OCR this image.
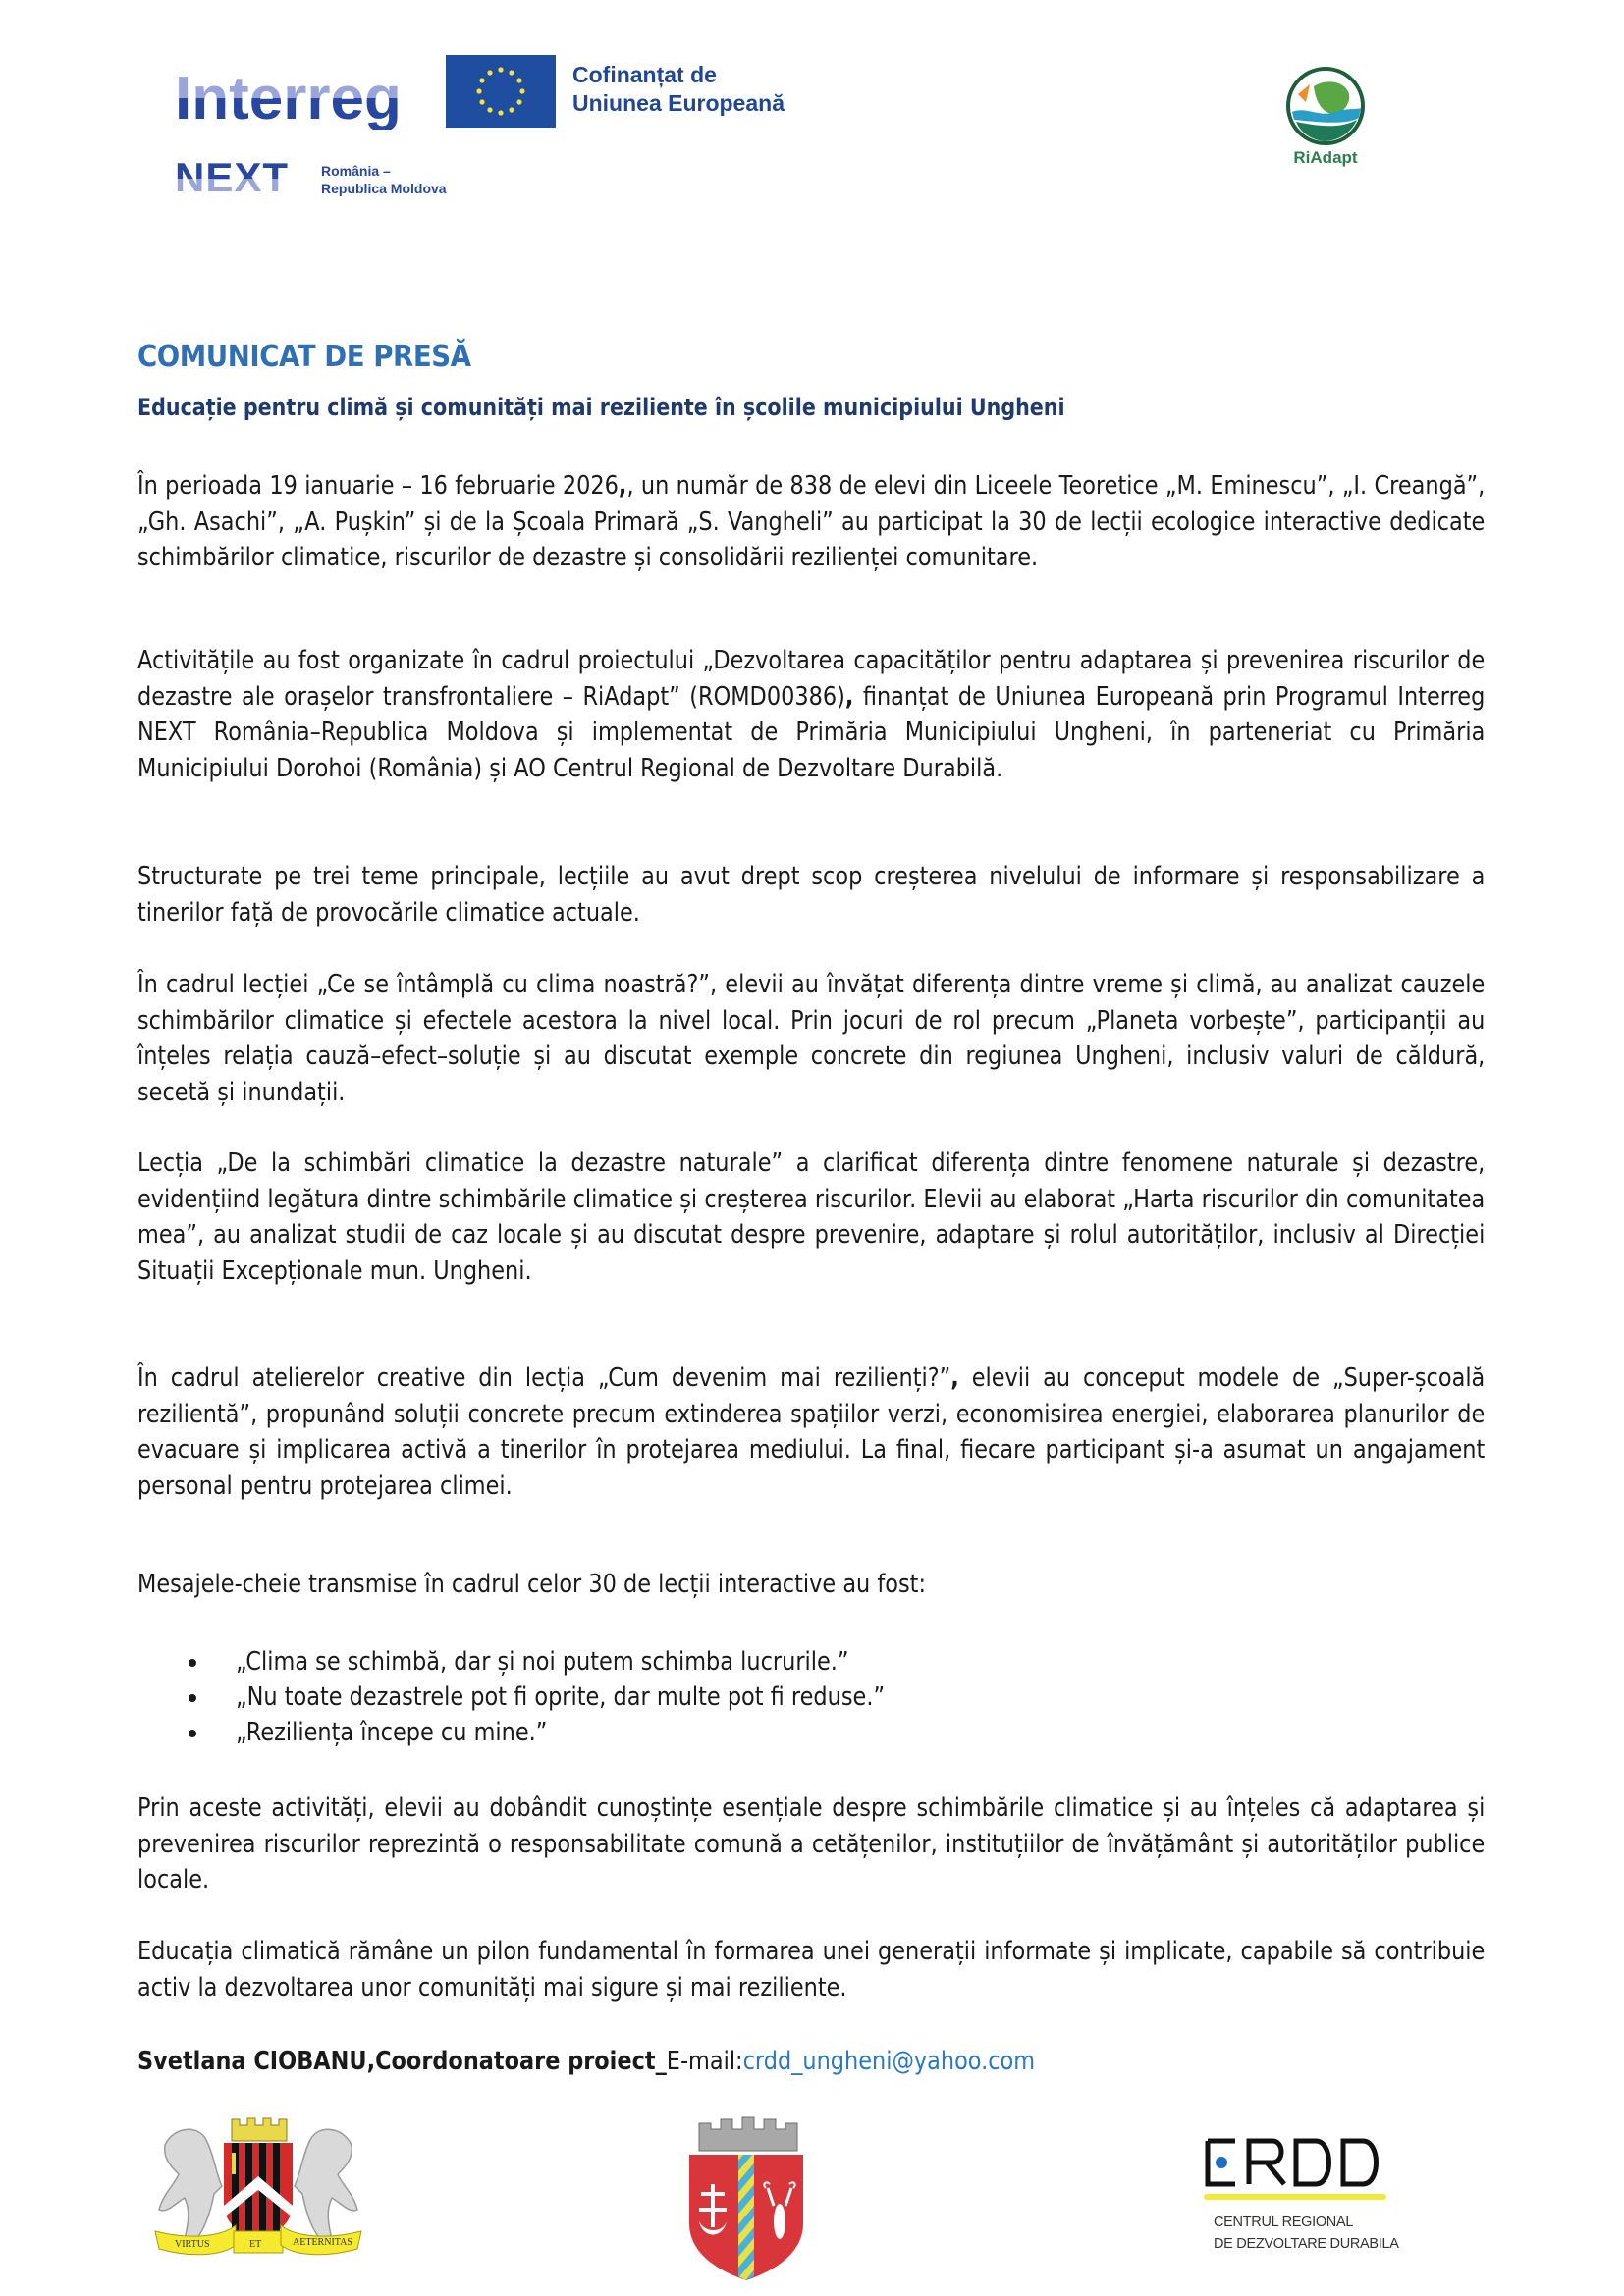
Interreg	Cofinanțat de
Uniunea Europeană
NEXT România –
Republica Moldova
RiAdapt
COMUNICAT DE PRESĂ
Educație pentru climă și comunități mai reziliente în școlile municipiului Ungheni
În perioada 19 ianuarie – 16 februarie 2026,, un număr de 838 de elevi din Liceele Teoretice „M. Eminescu”, „I. Creangă”, „Gh. Asachi”, „A. Pușkin” și de la Școala Primară „S. Vangheli” au participat la 30 de lecții ecologice interactive dedicate schimbărilor climatice, riscurilor de dezastre și consolidării rezilienței comunitare.
Activitățile au fost organizate în cadrul proiectului „Dezvoltarea capacităților pentru adaptarea și prevenirea riscurilor de dezastre ale orașelor transfrontaliere – RiAdapt” (ROMD00386), finanțat de Uniunea Europeană prin Programul Interreg NEXT România–Republica Moldova și implementat de Primăria Municipiului Ungheni, în parteneriat cu Primăria Municipiului Dorohoi (România) și AO Centrul Regional de Dezvoltare Durabilă.
Structurate pe trei teme principale, lecțiile au avut drept scop creșterea nivelului de informare și responsabilizare a tinerilor față de provocările climatice actuale.
În cadrul lecției „Ce se întâmplă cu clima noastră?”, elevii au învățat diferența dintre vreme și climă, au analizat cauzele schimbărilor climatice și efectele acestora la nivel local. Prin jocuri de rol precum „Planeta vorbește”, participanții au înțeles relația cauză–efect–soluție și au discutat exemple concrete din regiunea Ungheni, inclusiv valuri de căldură, secetă și inundații.
Lecția „De la schimbări climatice la dezastre naturale” a clarificat diferența dintre fenomene naturale și dezastre, evidențiind legătura dintre schimbările climatice și creșterea riscurilor. Elevii au elaborat „Harta riscurilor din comunitatea mea”, au analizat studii de caz locale și au discutat despre prevenire, adaptare și rolul autorităților, inclusiv al Direcției Situații Excepționale mun. Ungheni.
În cadrul atelierelor creative din lecția „Cum devenim mai rezilienți?”, elevii au conceput modele de „Super-școală rezilientă”, propunând soluții concrete precum extinderea spațiilor verzi, economisirea energiei, elaborarea planurilor de evacuare și implicarea activă a tinerilor în protejarea mediului. La final, fiecare participant și-a asumat un angajament personal pentru protejarea climei.
Mesajele-cheie transmise în cadrul celor 30 de lecții interactive au fost:
„Clima se schimbă, dar și noi putem schimba lucrurile.”
„Nu toate dezastrele pot fi oprite, dar multe pot fi reduse.”
„Reziliența începe cu mine.”
Prin aceste activități, elevii au dobândit cunoștințe esențiale despre schimbările climatice și au înțeles că adaptarea și prevenirea riscurilor reprezintă o responsabilitate comună a cetățenilor, instituțiilor de învățământ și autorităților publice locale.
Educația climatică rămâne un pilon fundamental în formarea unei generații informate și implicate, capabile să contribuie activ la dezvoltarea unor comunități mai sigure și mai reziliente.
Svetlana CIOBANU,Coordonatoare proiect_E-mail:crdd_ungheni@yahoo.com
VIRTUS	ET	AETERNITAS
CENTRUL REGIONAL
DE DEZVOLTARE DURABILA
